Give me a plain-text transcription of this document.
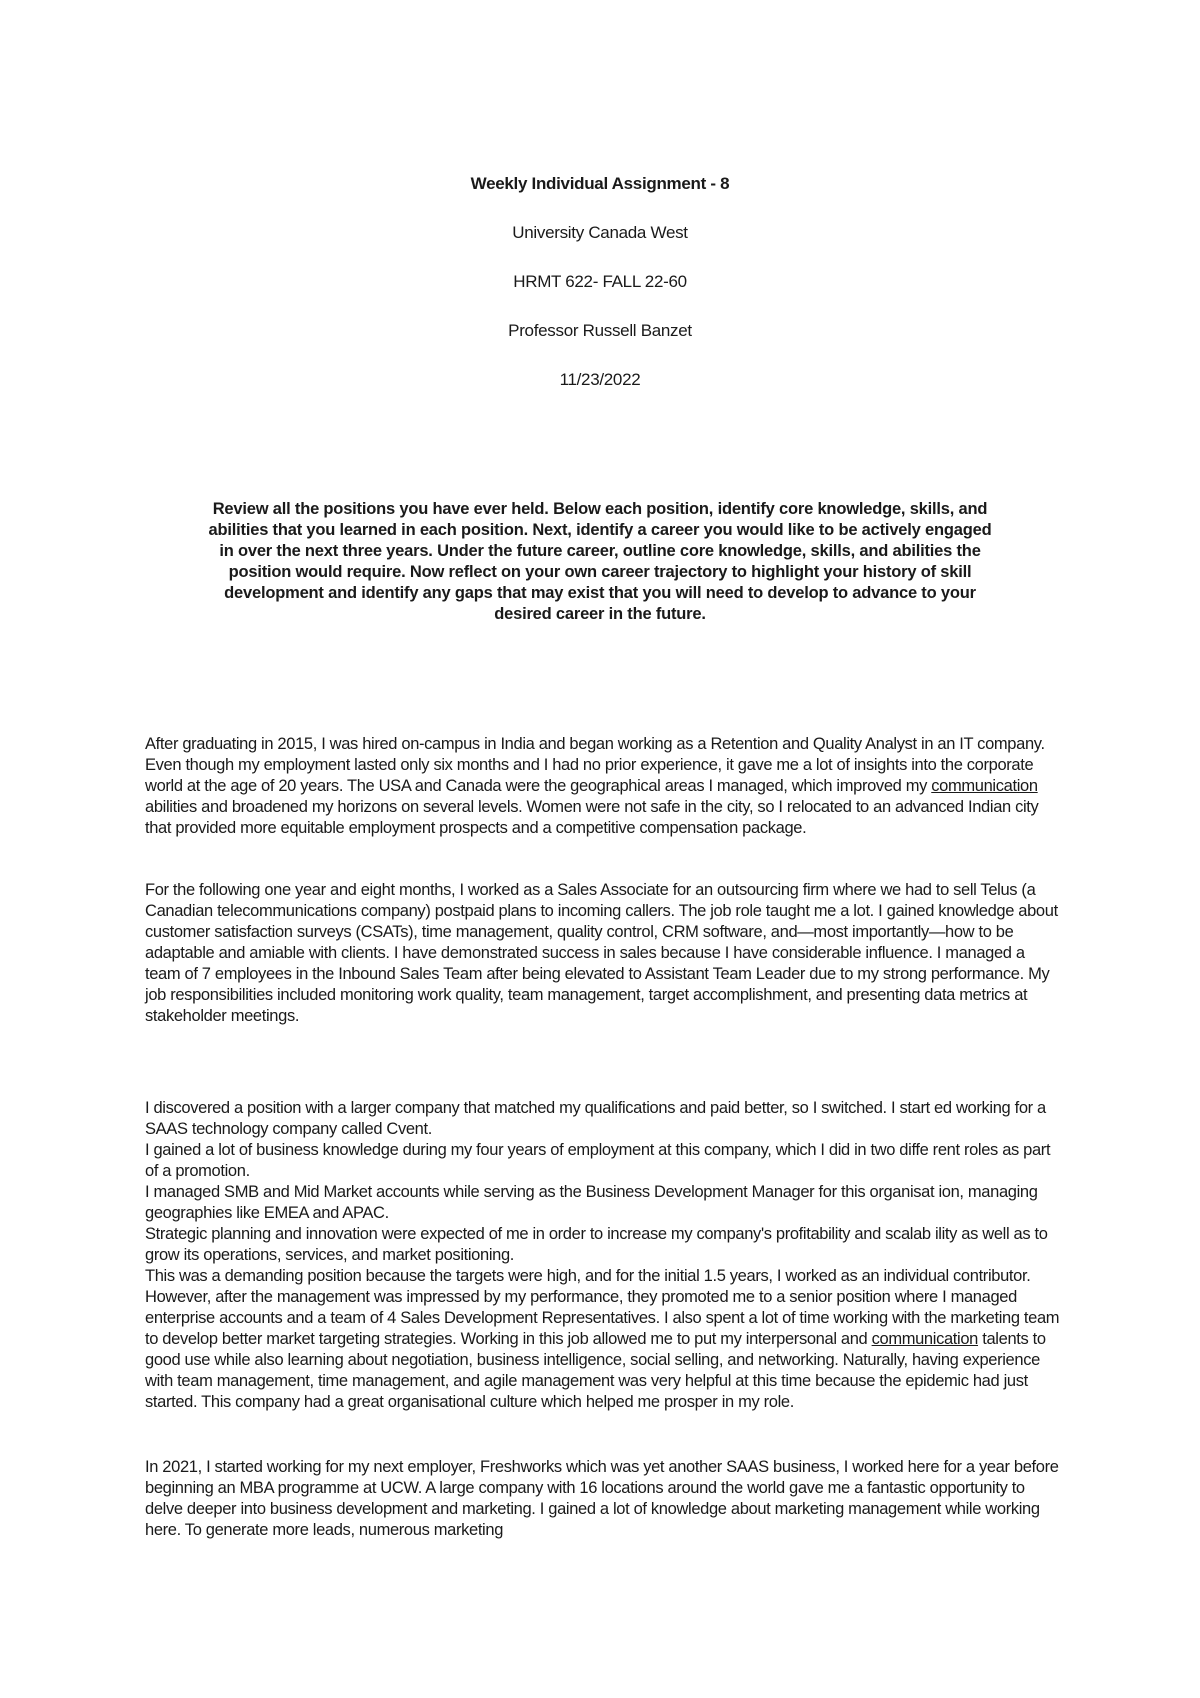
Weekly Individual Assignment - 8
University Canada West
HRMT 622- FALL 22-60
Professor Russell Banzet
11/23/2022
Review all the positions you have ever held. Below each position, identify core knowledge, skills, and abilities that you learned in each position. Next, identify a career you would like to be actively engaged in over the next three years. Under the future career, outline core knowledge, skills, and abilities the position would require. Now reflect on your own career trajectory to highlight your history of skill development and identify any gaps that may exist that you will need to develop to advance to your desired career in the future.

After graduating in 2015, I was hired on-campus in India and began working as a Retention and Quality Analyst in an IT company. Even though my employment lasted only six months and I had no prior experience, it gave me a lot of insights into the corporate world at the age of 20 years. The USA and Canada were the geographical areas I managed, which improved my communication abilities and broadened my horizons on several levels. Women were not safe in the city, so I relocated to an advanced Indian city that provided more equitable employment prospects and a competitive compensation package.

For the following one year and eight months, I worked as a Sales Associate for an outsourcing firm where we had to sell Telus (a Canadian telecommunications company) postpaid plans to incoming callers. The job role taught me a lot. I gained knowledge about customer satisfaction surveys (CSATs), time management, quality control, CRM software, and—most importantly—how to be adaptable and amiable with clients. I have demonstrated success in sales because I have considerable influence. I managed a team of 7 employees in the Inbound Sales Team after being elevated to Assistant Team Leader due to my strong performance. My job responsibilities included monitoring work quality, team management, target accomplishment, and presenting data metrics at stakeholder meetings.

I discovered a position with a larger company that matched my qualifications and paid better, so I switched. I start ed working for a SAAS technology company called Cvent.

I gained a lot of business knowledge during my four years of employment at this company, which I did in two diffe rent roles as part of a promotion.

I managed SMB and Mid Market accounts while serving as the Business Development Manager for this organisat ion, managing geographies like EMEA and APAC.

Strategic planning and innovation were expected of me in order to increase my company's profitability and scalab ility as well as to grow its operations, services, and market positioning.

This was a demanding position because the targets were high, and for the initial 1.5 years, I worked as an individual contributor. However, after the management was impressed by my performance, they promoted me to a senior position where I managed enterprise accounts and a team of 4 Sales Development Representatives. I also spent a lot of time working with the marketing team to develop better market targeting strategies. Working in this job allowed me to put my interpersonal and communication talents to good use while also learning about negotiation, business intelligence, social selling, and networking. Naturally, having experience with team management, time management, and agile management was very helpful at this time because the epidemic had just started. This company had a great organisational culture which helped me prosper in my role.

In 2021, I started working for my next employer, Freshworks which was yet another SAAS business, I worked here for a year before beginning an MBA programme at UCW. A large company with 16 locations around the world gave me a fantastic opportunity to delve deeper into business development and marketing. I gained a lot of knowledge about marketing management while working here. To generate more leads, numerous marketing
